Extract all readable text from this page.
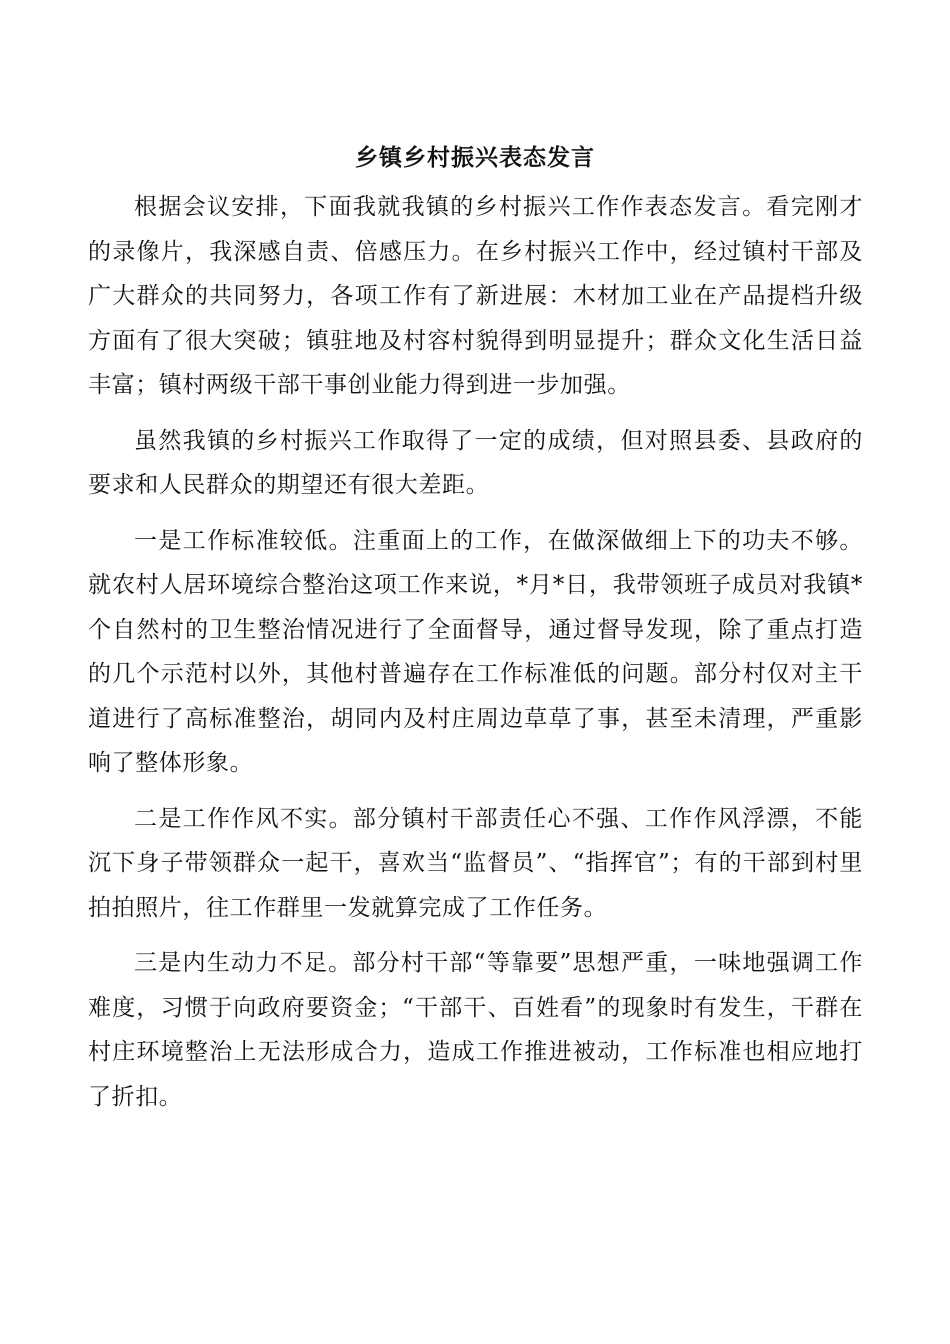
乡镇乡村振兴表态发言

根据会议安排，下面我就我镇的乡村振兴工作作表态发言。看完刚才的录像片，我深感自责、倍感压力。在乡村振兴工作中，经过镇村干部及广大群众的共同努力，各项工作有了新进展：木材加工业在产品提档升级方面有了很大突破；镇驻地及村容村貌得到明显提升；群众文化生活日益丰富；镇村两级干部干事创业能力得到进一步加强。

虽然我镇的乡村振兴工作取得了一定的成绩，但对照县委、县政府的要求和人民群众的期望还有很大差距。

一是工作标准较低。注重面上的工作，在做深做细上下的功夫不够。就农村人居环境综合整治这项工作来说，*月*日，我带领班子成员对我镇*个自然村的卫生整治情况进行了全面督导，通过督导发现，除了重点打造的几个示范村以外，其他村普遍存在工作标准低的问题。部分村仅对主干道进行了高标准整治，胡同内及村庄周边草草了事，甚至未清理，严重影响了整体形象。

二是工作作风不实。部分镇村干部责任心不强、工作作风浮漂，不能沉下身子带领群众一起干，喜欢当“监督员”、“指挥官”；有的干部到村里拍拍照片，往工作群里一发就算完成了工作任务。

三是内生动力不足。部分村干部“等靠要”思想严重，一味地强调工作难度，习惯于向政府要资金；“干部干、百姓看”的现象时有发生，干群在村庄环境整治上无法形成合力，造成工作推进被动，工作标准也相应地打了折扣。
